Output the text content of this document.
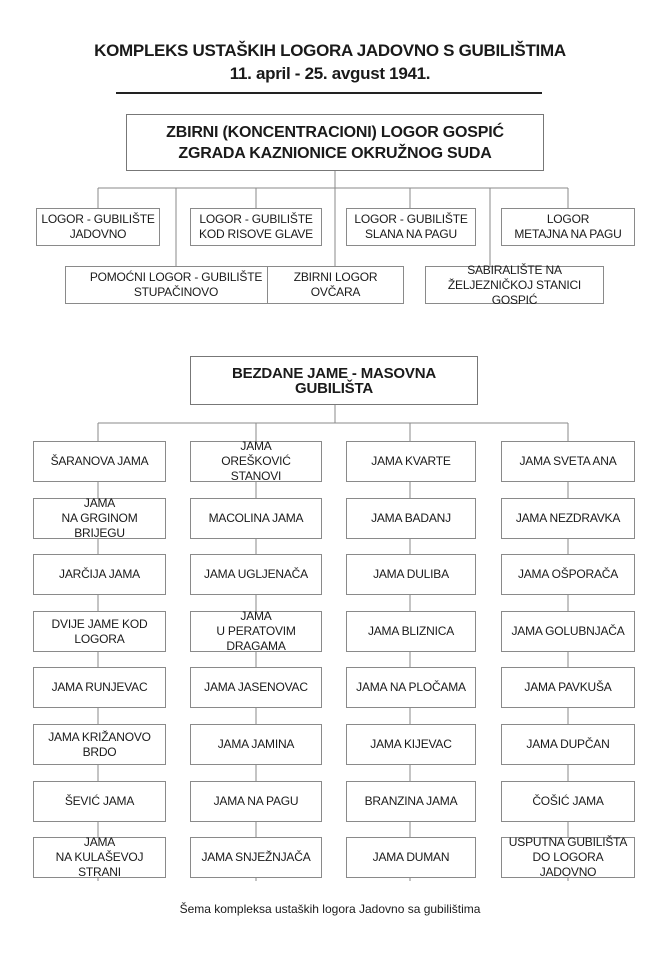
KOMPLEKS USTAŠKIH LOGORA JADOVNO S GUBILIŠTIMA
11. april - 25. avgust 1941.
ZBIRNI (KONCENTRACIONI) LOGOR GOSPIĆ
ZGRADA KAZNIONICE OKRUŽNOG SUDA
LOGOR - GUBILIŠTE
JADOVNO
LOGOR - GUBILIŠTE
KOD RISOVE GLAVE
LOGOR - GUBILIŠTE
SLANA NA PAGU
LOGOR
METAJNA NA PAGU
POMOĆNI LOGOR - GUBILIŠTE
STUPAČINOVO
ZBIRNI LOGOR
OVČARA
SABIRALIŠTE NA
ŽELJEZNIČKOJ STANICI GOSPIĆ
BEZDANE JAME - MASOVNA GUBILIŠTA
ŠARANOVA JAMA
JAMA
NA GRGINOM BRIJEGU
JARČIJA JAMA
DVIJE JAME KOD LOGORA
JAMA RUNJEVAC
JAMA KRIŽANOVO BRDO
ŠEVIĆ JAMA
JAMA
NA KULAŠEVOJ STRANI
JAMA
OREŠKOVIĆ STANOVI
MACOLINA JAMA
JAMA UGLJENAČA
JAMA
U PERATOVIM DRAGAMA
JAMA JASENOVAC
JAMA JAMINA
JAMA NA PAGU
JAMA SNJEŽNJAČA
JAMA KVARTE
JAMA BADANJ
JAMA DULIBA
JAMA BLIZNICA
JAMA NA PLOČAMA
JAMA KIJEVAC
BRANZINA JAMA
JAMA DUMAN
JAMA SVETA ANA
JAMA NEZDRAVKA
JAMA OŠPORAČA
JAMA GOLUBNJAČA
JAMA PAVKUŠA
JAMA DUPČAN
ČOŠIĆ JAMA
USPUTNA GUBILIŠTA
DO LOGORA JADOVNO
Šema kompleksa ustaških logora Jadovno sa gubilištima
